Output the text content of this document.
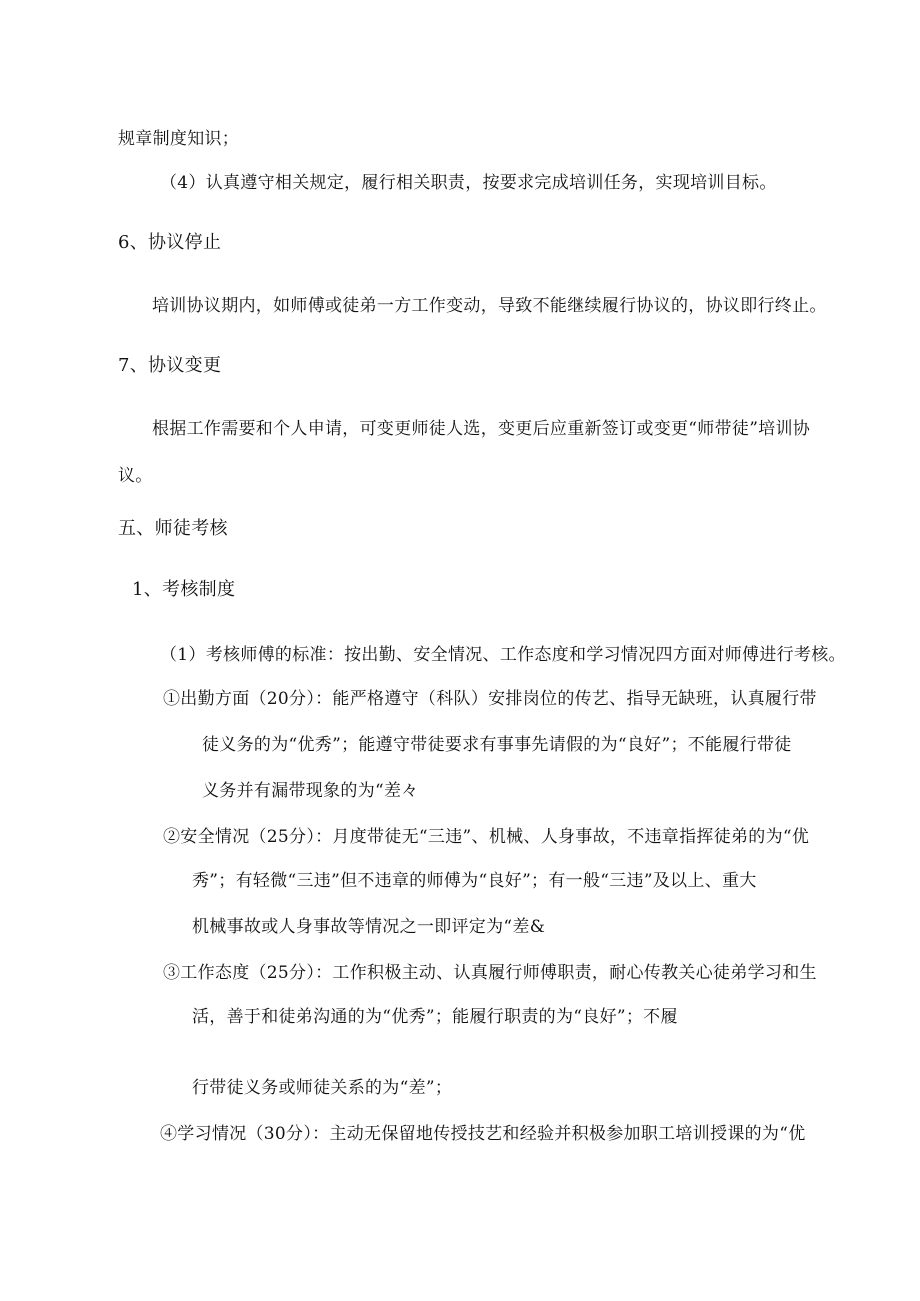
规章制度知识；
（4）认真遵守相关规定，履行相关职责，按要求完成培训任务，实现培训目标。
6、协议停止
培训协议期内，如师傅或徒弟一方工作变动，导致不能继续履行协议的，协议即行终止。
7、协议变更
根据工作需要和个人申请，可变更师徒人选，变更后应重新签订或变更“师带徒”培训协
议。
五、师徒考核
1、考核制度
（1）考核师傅的标准：按出勤、安全情况、工作态度和学习情况四方面对师傅进行考核。
①出勤方面（20分）：能严格遵守（科队）安排岗位的传艺、指导无缺班，认真履行带
徒义务的为“优秀”；能遵守带徒要求有事事先请假的为“良好”；不能履行带徒
义务并有漏带现象的为“差々
②安全情况（25分）：月度带徒无“三违”、机械、人身事故，不违章指挥徒弟的为“优
秀”；有轻微“三违”但不违章的师傅为“良好”；有一般“三违”及以上、重大
机械事故或人身事故等情况之一即评定为“差&
③工作态度（25分）：工作积极主动、认真履行师傅职责，耐心传教关心徒弟学习和生
活，善于和徒弟沟通的为“优秀”；能履行职责的为“良好”；不履
行带徒义务或师徒关系的为“差”；
④学习情况（30分）：主动无保留地传授技艺和经验并积极参加职工培训授课的为“优
